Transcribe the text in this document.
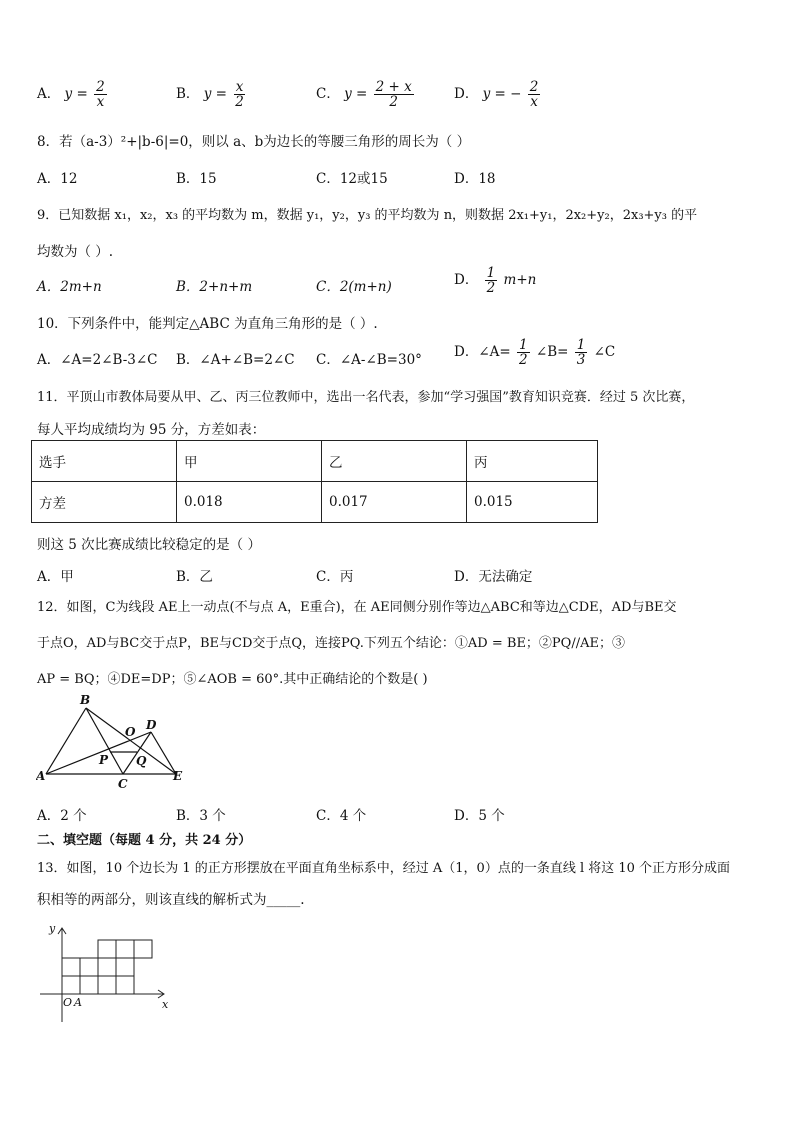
A． $y = \frac{2}{x}$	B． $y = \frac{x}{2}$	C． $y = \frac{2 + x}{2}$	D． y = − $\frac{2}{x}$
8．若（a-3）²+|b-6|=0，则以 a、b为边长的等腰三角形的周长为（ ）
A．12	B．15	C．12或15	D．18
9．已知数据 x₁，x₂，x₃ 的平均数为 m，数据 y₁，y₂，y₃ 的平均数为 n，则数据 2x₁+y₁，2x₂+y₂，2x₃+y₃ 的平
均数为（ ）.
A．2m+n	B．2+n+m	C．2(m+n)	D． $\frac{1}{2} m+n$
10．下列条件中，能判定△ABC 为直角三角形的是（ ）.
A．∠A=2∠B-3∠C B．∠A+∠B=2∠C C．∠A-∠B=30° D．∠A= $\frac{1}{2}$ ∠B= $\frac{1}{3}$ ∠C
11．平顶山市教体局要从甲、乙、丙三位教师中，选出一名代表，参加“学习强国”教育知识竞赛．经过 5 次比赛，
每人平均成绩均为 95 分，方差如表：
选手	甲	乙	丙
方差	0.018	0.017	0.015
则这 5 次比赛成绩比较稳定的是（ ）
A．甲	B．乙	C．丙	D．无法确定
12．如图，C为线段 AE上一动点(不与点 A，E重合)，在 AE同侧分别作等边△ABC和等边△CDE，AD与BE交
于点O，AD与BC交于点P，BE与CD交于点Q，连接PQ.下列五个结论：①AD = BE；②PQ//AE；③
AP = BQ；④DE=DP；⑤∠AOB = 60°.其中正确结论的个数是( )
B
O D
P Q
A
C
E
A．2 个	B．3 个	C．4 个	D．5 个
二、填空题（每题 4 分，共 24 分）
13．如图，10 个边长为 1 的正方形摆放在平面直角坐标系中，经过 A（1，0）点的一条直线 l 将这 10 个正方形分成面
积相等的两部分，则该直线的解析式为_____.
y
x
O A
